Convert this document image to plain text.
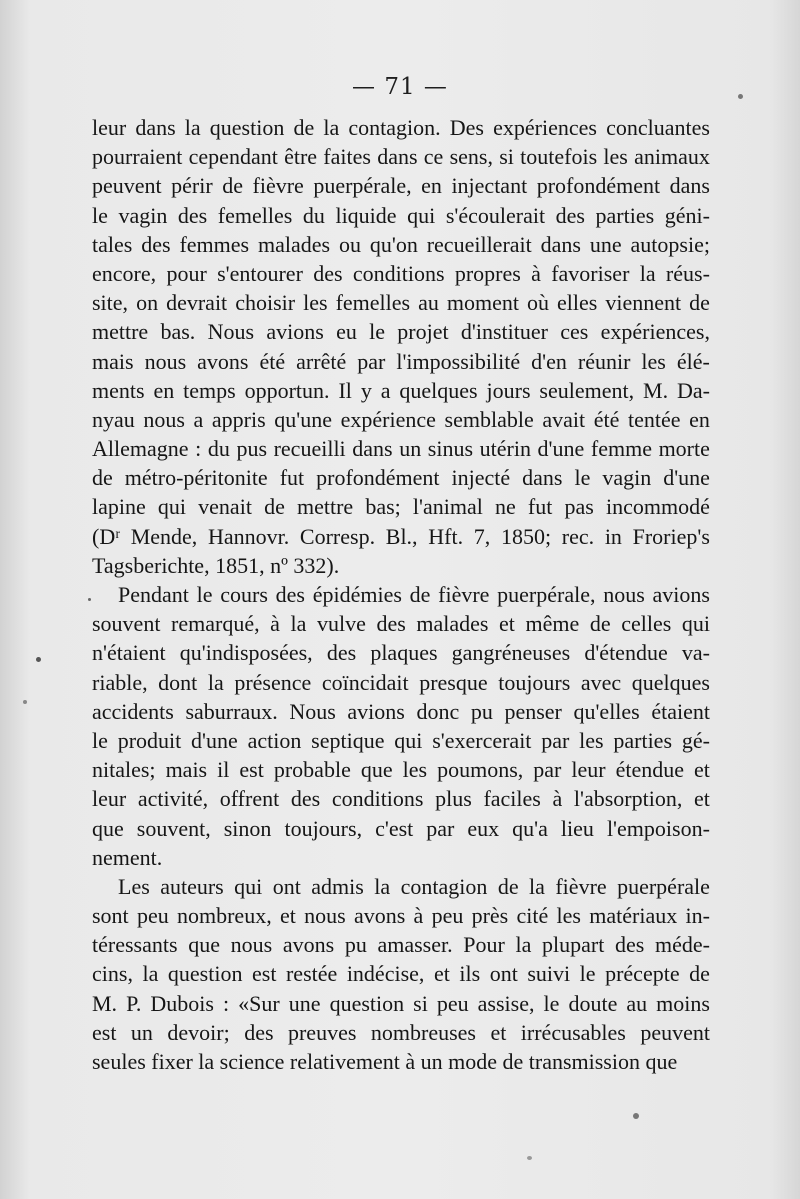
— 71 —
leur dans la question de la contagion. Des expériences concluantes
pourraient cependant être faites dans ce sens, si toutefois les animaux
peuvent périr de fièvre puerpérale, en injectant profondément dans
le vagin des femelles du liquide qui s'écoulerait des parties géni-
tales des femmes malades ou qu'on recueillerait dans une autopsie;
encore, pour s'entourer des conditions propres à favoriser la réus-
site, on devrait choisir les femelles au moment où elles viennent de
mettre bas. Nous avions eu le projet d'instituer ces expériences,
mais nous avons été arrêté par l'impossibilité d'en réunir les élé-
ments en temps opportun. Il y a quelques jours seulement, M. Da-
nyau nous a appris qu'une expérience semblable avait été tentée en
Allemagne : du pus recueilli dans un sinus utérin d'une femme morte
de métro-péritonite fut profondément injecté dans le vagin d'une
lapine qui venait de mettre bas; l'animal ne fut pas incommodé
(Dʳ Mende, Hannovr. Corresp. Bl., Hft. 7, 1850; rec. in Froriep's
Tagsberichte, 1851, nº 332).
Pendant le cours des épidémies de fièvre puerpérale, nous avions
souvent remarqué, à la vulve des malades et même de celles qui
n'étaient qu'indisposées, des plaques gangréneuses d'étendue va-
riable, dont la présence coïncidait presque toujours avec quelques
accidents saburraux. Nous avions donc pu penser qu'elles étaient
le produit d'une action septique qui s'exercerait par les parties gé-
nitales; mais il est probable que les poumons, par leur étendue et
leur activité, offrent des conditions plus faciles à l'absorption, et
que souvent, sinon toujours, c'est par eux qu'a lieu l'empoison-
nement.
Les auteurs qui ont admis la contagion de la fièvre puerpérale
sont peu nombreux, et nous avons à peu près cité les matériaux in-
téressants que nous avons pu amasser. Pour la plupart des méde-
cins, la question est restée indécise, et ils ont suivi le précepte de
M. P. Dubois : «Sur une question si peu assise, le doute au moins
est un devoir; des preuves nombreuses et irrécusables peuvent
seules fixer la science relativement à un mode de transmission que
